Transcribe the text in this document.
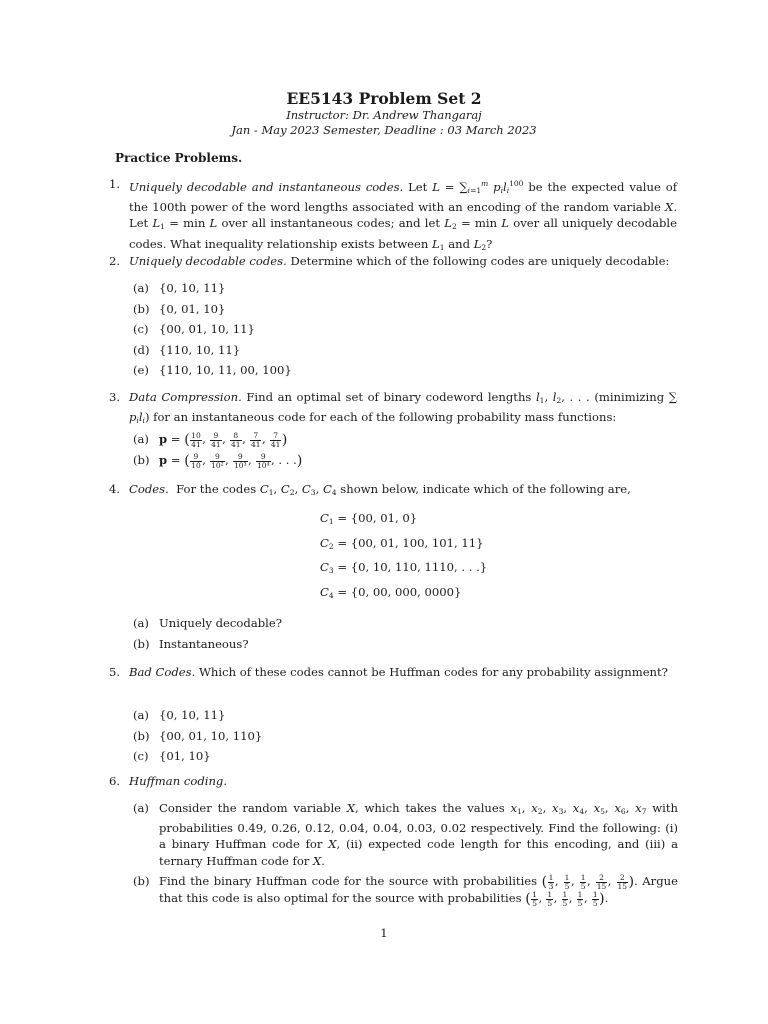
EE5143 Problem Set 2
Instructor: Dr. Andrew Thangaraj
Jan - May 2023 Semester, Deadline : 03 March 2023
Practice Problems.
1. Uniquely decodable and instantaneous codes. Let $L = \sum_{i=1}^m$ $p_il_i^{100}$ be the expected value of the 100th power of the word lengths associated with an encoding of the random variable X. Let $L_1 = \min L$ over all instantaneous codes; and let $L_2 = \min L$ over all uniquely decodable codes. What inequality relationship exists between $L_1$ and $L_2$?
2. Uniquely decodable codes. Determine which of the following codes are uniquely decodable:
(a) {0, 10, 11}
(b) {0, 01, 10}
(c) {00, 01, 10, 11}
(d) {110, 10, 11}
(e) {110, 10, 11, 00, 100}
3. Data Compression. Find an optimal set of binary codeword lengths $l_1$, $l_2$, . . . (minimizing ∑ $p_il_i$) for an instantaneous code for each of the following probability mass functions:
(a) p = ( $\frac{10}{41}$ , $\frac{9}{41}$ , $\frac{8}{41}$ , $\frac{7}{41}$ , $\frac{7}{41}$ )
(b) p = ( $\frac{9}{10}$ , $\frac{9}{\text{10²}}$ , $\frac{9}{\text{10³}}$ , $\frac{9}{\text{10⁴}}$ , . . .)
4. Codes.  For the codes $C_1$, $C_2$, $C_3$, $C_4$ shown below, indicate which of the following are,
$C_1 = \{00$, 01, 0}
$C_2 = \{00$, 01, 100, 101, 11}
$C_3 = \{0$, 10, 110, 1110, . . .}
$C_4 = \{0$, 00, 000, 0000}
(a) Uniquely decodable?
(b) Instantaneous?
5. Bad Codes. Which of these codes cannot be Huffman codes for any probability assignment?
(a) {0, 10, 11}
(b) {00, 01, 10, 110}
(c) {01, 10}
6. Huffman coding.
(a) Consider the random variable X, which takes the values $x_1$, $x_2$, $x_3$, $x_4$, $x_5$, $x_6$, $x_7$ with probabilities 0.49, 0.26, 0.12, 0.04, 0.04, 0.03, 0.02 respectively. Find the following: (i) a binary Huffman code for X, (ii) expected code length for this encoding, and (iii) a ternary Huffman code for X.
(b) Find the binary Huffman code for the source with probabilities ( $\frac{1}{3}$ , $\frac{1}{5}$ , $\frac{1}{5}$ , $\frac{2}{15}$ , $\frac{2}{15}$ ). Argue that this code is also optimal for the source with probabilities ( $\frac{1}{5}$ , $\frac{1}{5}$ , $\frac{1}{5}$ , $\frac{1}{5}$ , $\frac{1}{5}$ ).
1
